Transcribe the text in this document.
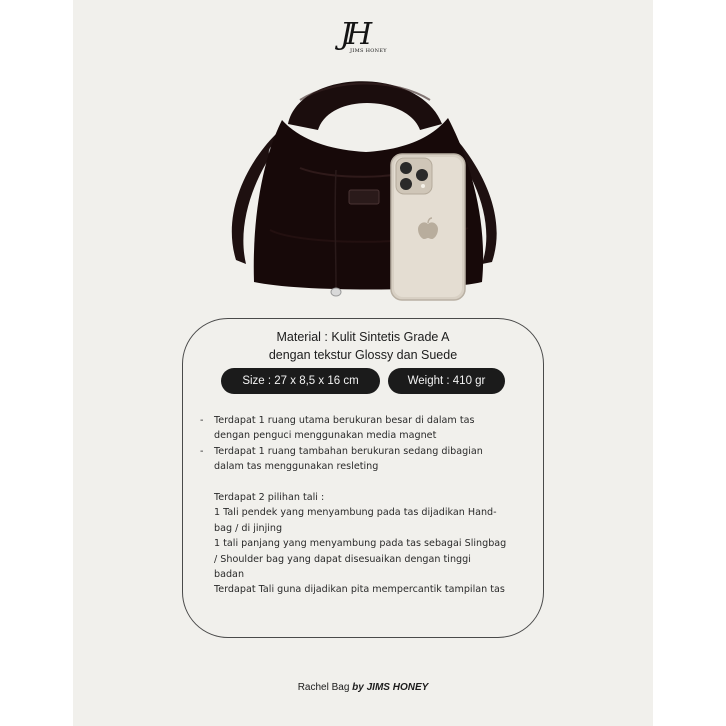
JH
JIMS HONEY
Material : Kulit Sintetis Grade A
dengan tekstur Glossy dan Suede
Size : 27 x 8,5 x 16 cm	Weight : 410 gr
- Terdapat 1 ruang utama berukuran besar di dalam tas
dengan penguci menggunakan media magnet
- Terdapat 1 ruang tambahan berukuran sedang dibagian
dalam tas menggunakan resleting
Terdapat 2 pilihan tali :
1 Tali pendek yang menyambung pada tas dijadikan Hand-
bag / di jinjing
1 tali panjang yang menyambung pada tas sebagai Slingbag
/ Shoulder bag yang dapat disesuaikan dengan tinggi
badan
Terdapat Tali guna dijadikan pita mempercantik tampilan tas
Rachel Bag by JIMS HONEY
